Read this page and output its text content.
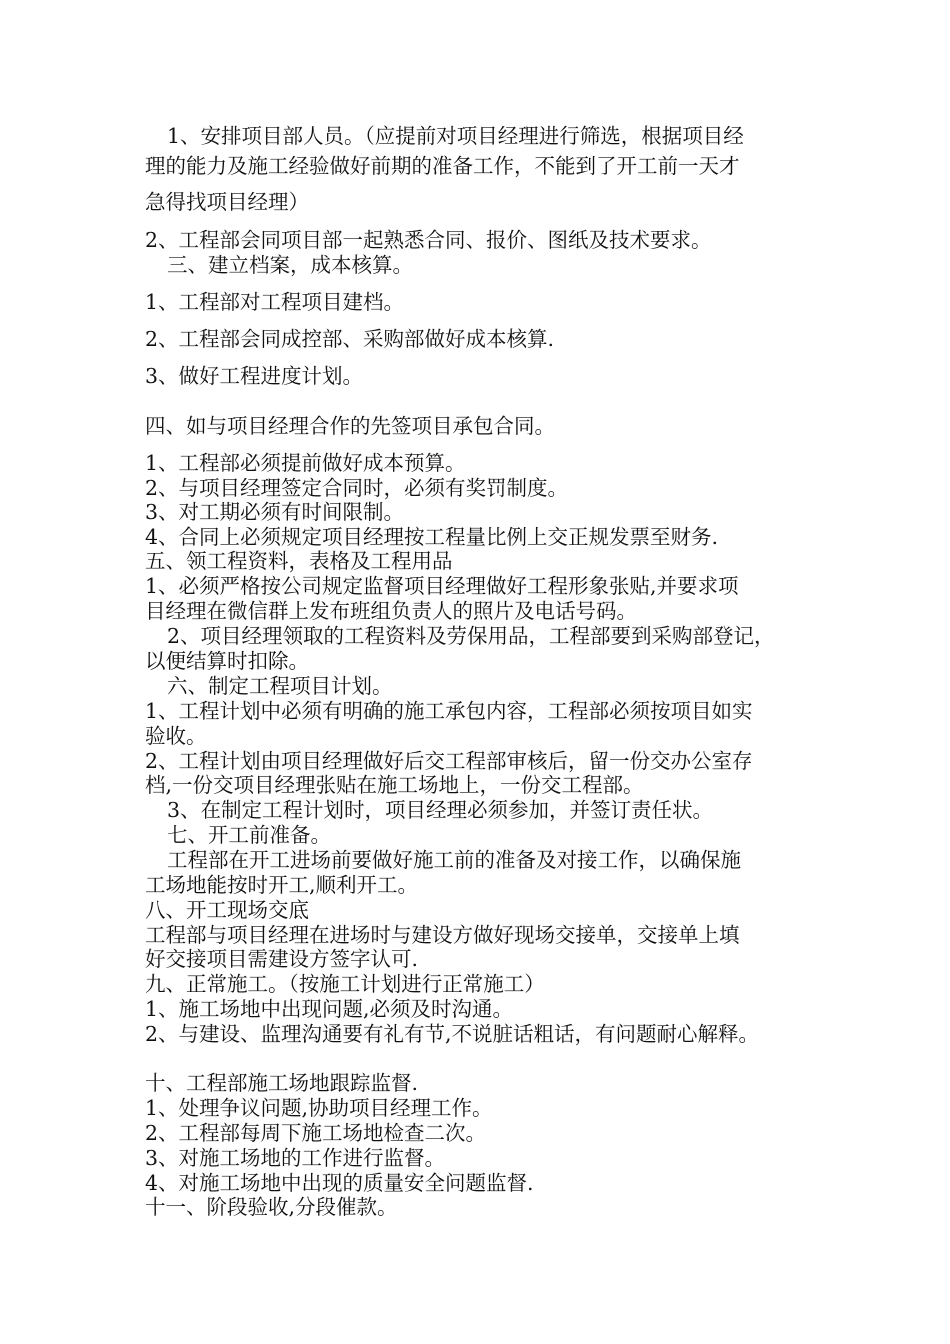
1、安排项目部人员。（应提前对项目经理进行筛选，根据项目经

理的能力及施工经验做好前期的准备工作，不能到了开工前一天才

急得找项目经理）

2、工程部会同项目部一起熟悉合同、报价、图纸及技术要求。

三、建立档案，成本核算。

1、工程部对工程项目建档。

2、工程部会同成控部、采购部做好成本核算.

3、做好工程进度计划。

四、如与项目经理合作的先签项目承包合同。

1、工程部必须提前做好成本预算。

2、与项目经理签定合同时，必须有奖罚制度。

3、对工期必须有时间限制。

4、合同上必须规定项目经理按工程量比例上交正规发票至财务.

五、领工程资料，表格及工程用品

1、必须严格按公司规定监督项目经理做好工程形象张贴,并要求项

目经理在微信群上发布班组负责人的照片及电话号码。

2、项目经理领取的工程资料及劳保用品，工程部要到采购部登记，

以便结算时扣除。

六、制定工程项目计划。

1、工程计划中必须有明确的施工承包内容，工程部必须按项目如实

验收。

2、工程计划由项目经理做好后交工程部审核后，留一份交办公室存

档,一份交项目经理张贴在施工场地上，一份交工程部。

3、在制定工程计划时，项目经理必须参加，并签订责任状。

七、开工前准备。

工程部在开工进场前要做好施工前的准备及对接工作，以确保施

工场地能按时开工,顺利开工。

八、开工现场交底

工程部与项目经理在进场时与建设方做好现场交接单，交接单上填

好交接项目需建设方签字认可.

九、正常施工。（按施工计划进行正常施工）

1、施工场地中出现问题,必须及时沟通。

2、与建设、监理沟通要有礼有节,不说脏话粗话，有问题耐心解释。

十、工程部施工场地跟踪监督.

1、处理争议问题,协助项目经理工作。

2、工程部每周下施工场地检查二次。

3、对施工场地的工作进行监督。

4、对施工场地中出现的质量安全问题监督.

十一、阶段验收,分段催款。
